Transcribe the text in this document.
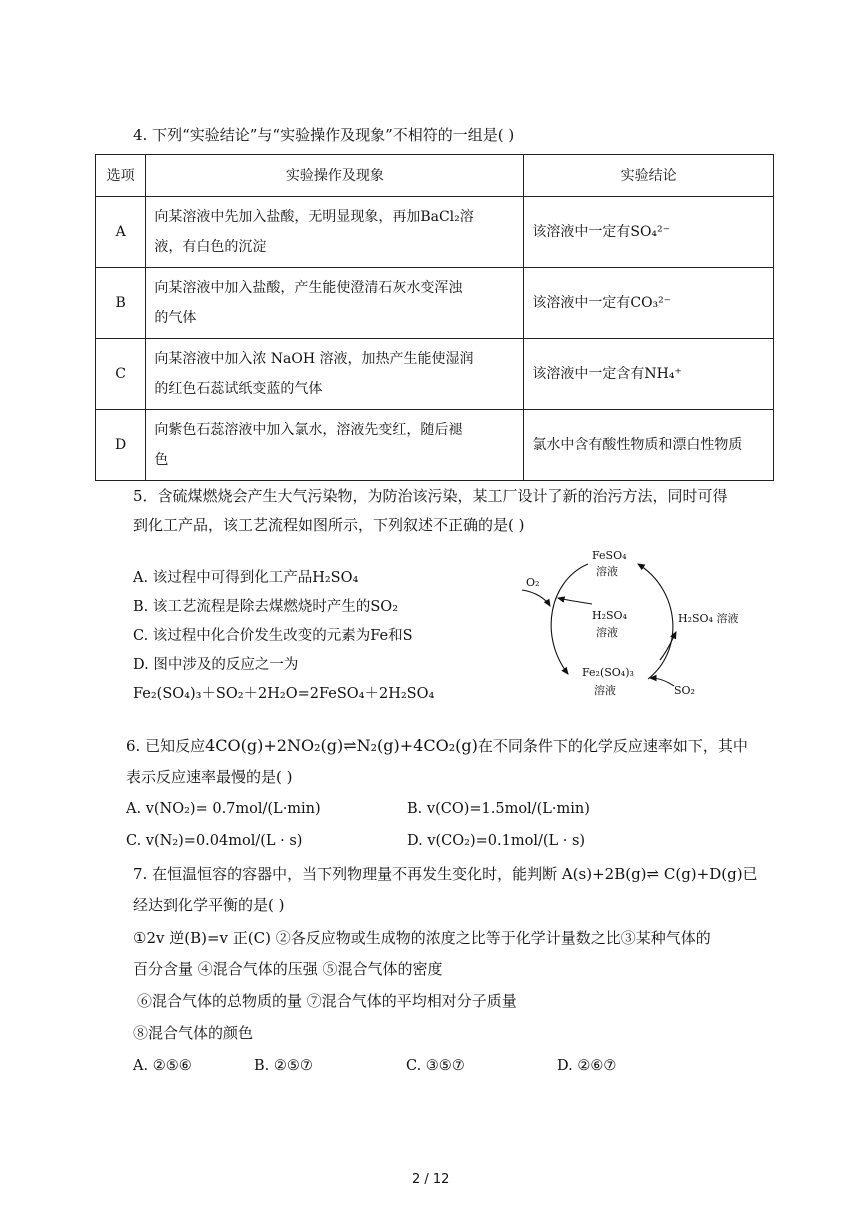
4. 下列“实验结论”与“实验操作及现象”不相符的一组是( )
选项	实验操作及现象	实验结论
A	向某溶液中先加入盐酸，无明显现象，再加BaCl₂溶
液，有白色的沉淀	该溶液中一定有SO₄²⁻
B	向某溶液中加入盐酸，产生能使澄清石灰水变浑浊
的气体	该溶液中一定有CO₃²⁻
C	向某溶液中加入浓 NaOH 溶液，加热产生能使湿润
的红色石蕊试纸变蓝的气体	该溶液中一定含有NH₄⁺
D	向紫色石蕊溶液中加入氯水，溶液先变红，随后褪
色	氯水中含有酸性物质和漂白性物质
5．含硫煤燃烧会产生大气污染物，为防治该污染，某工厂设计了新的治污方法，同时可得
到化工产品，该工艺流程如图所示，下列叙述不正确的是( )
A. 该过程中可得到化工产品H₂SO₄
B. 该工艺流程是除去煤燃烧时产生的SO₂
C. 该过程中化合价发生改变的元素为Fe和S
D. 图中涉及的反应之一为
Fe₂(SO₄)₃＋SO₂＋2H₂O=2FeSO₄＋2H₂SO₄
FeSO₄
溶液
O₂
H₂SO₄
溶液
H₂SO₄ 溶液
Fe₂(SO₄)₃
溶液	SO₂
6. 已知反应4CO(g)+2NO₂(g)⇌N₂(g)+4CO₂(g)在不同条件下的化学反应速率如下，其中
表示反应速率最慢的是( )
A. v(NO₂)= 0.7mol/(L·min)	B. v(CO)=1.5mol/(L·min)
C. v(N₂)=0.04mol/(L · s)	D. v(CO₂)=0.1mol/(L · s)
7. 在恒温恒容的容器中，当下列物理量不再发生变化时，能判断 A(s)+2B(g)⇌ C(g)+D(g)已
经达到化学平衡的是( )
①2v 逆(B)=v 正(C) ②各反应物或生成物的浓度之比等于化学计量数之比③某种气体的
百分含量 ④混合气体的压强 ⑤混合气体的密度
⑥混合气体的总物质的量 ⑦混合气体的平均相对分子质量
⑧混合气体的颜色
A. ②⑤⑥	B. ②⑤⑦	C. ③⑤⑦	D. ②⑥⑦
2 / 12
